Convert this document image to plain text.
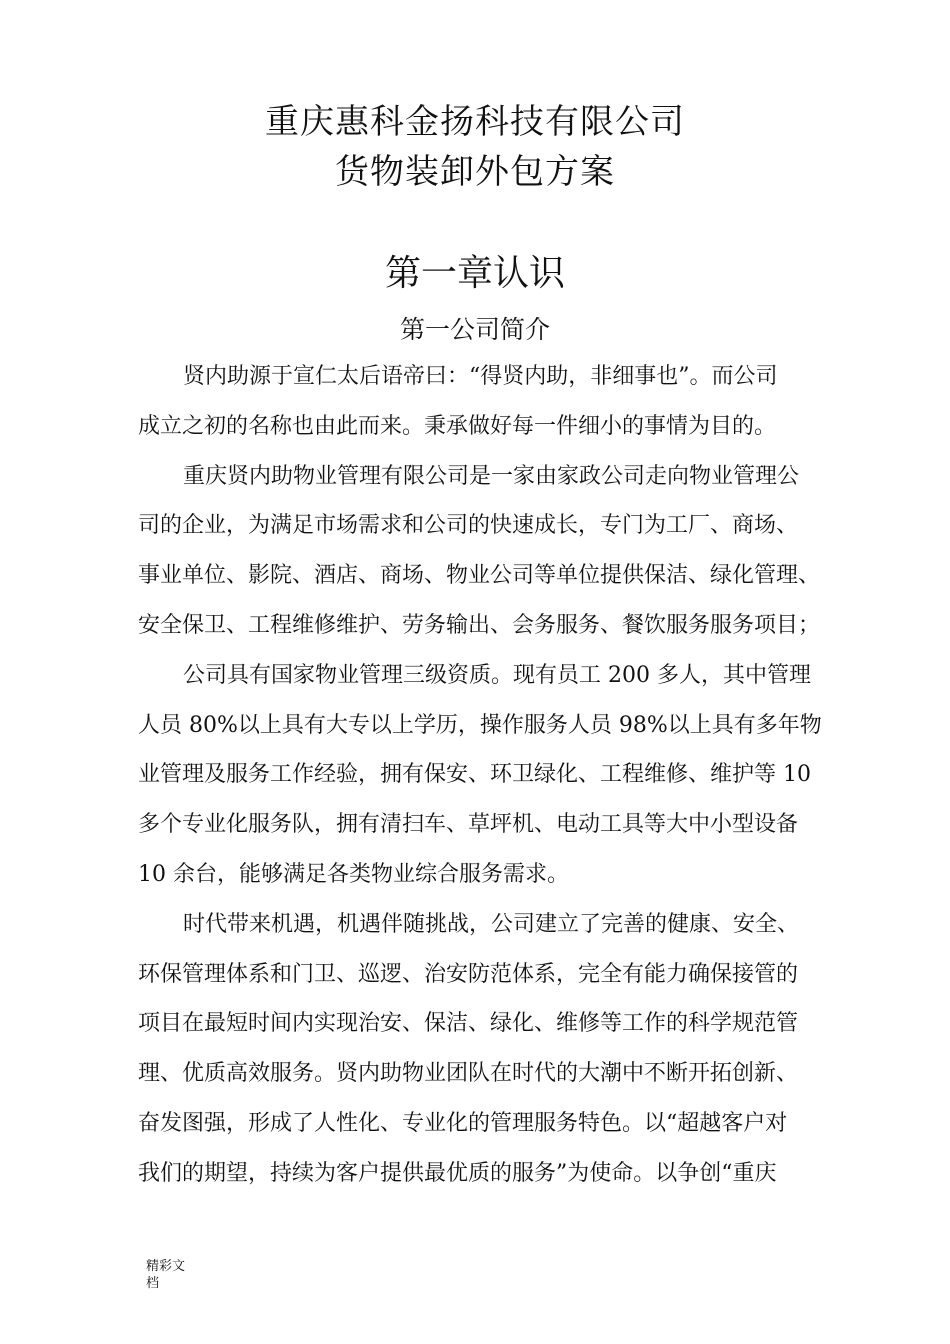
重庆惠科金扬科技有限公司
货物装卸外包方案
第一章认识
第一公司简介
贤内助源于宣仁太后语帝曰：“得贤内助，非细事也”。而公司
成立之初的名称也由此而来。秉承做好每一件细小的事情为目的。
重庆贤内助物业管理有限公司是一家由家政公司走向物业管理公
司的企业，为满足市场需求和公司的快速成长，专门为工厂、商场、
事业单位、影院、酒店、商场、物业公司等单位提供保洁、绿化管理、
安全保卫、工程维修维护、劳务输出、会务服务、餐饮服务服务项目；
公司具有国家物业管理三级资质。现有员工 200 多人，其中管理
人员 80%以上具有大专以上学历，操作服务人员 98%以上具有多年物
业管理及服务工作经验，拥有保安、环卫绿化、工程维修、维护等 10
多个专业化服务队，拥有清扫车、草坪机、电动工具等大中小型设备
10 余台，能够满足各类物业综合服务需求。
时代带来机遇，机遇伴随挑战，公司建立了完善的健康、安全、
环保管理体系和门卫、巡逻、治安防范体系，完全有能力确保接管的
项目在最短时间内实现治安、保洁、绿化、维修等工作的科学规范管
理、优质高效服务。贤内助物业团队在时代的大潮中不断开拓创新、
奋发图强，形成了人性化、专业化的管理服务特色。以“超越客户对
我们的期望，持续为客户提供最优质的服务”为使命。以争创“重庆
精彩文
档
